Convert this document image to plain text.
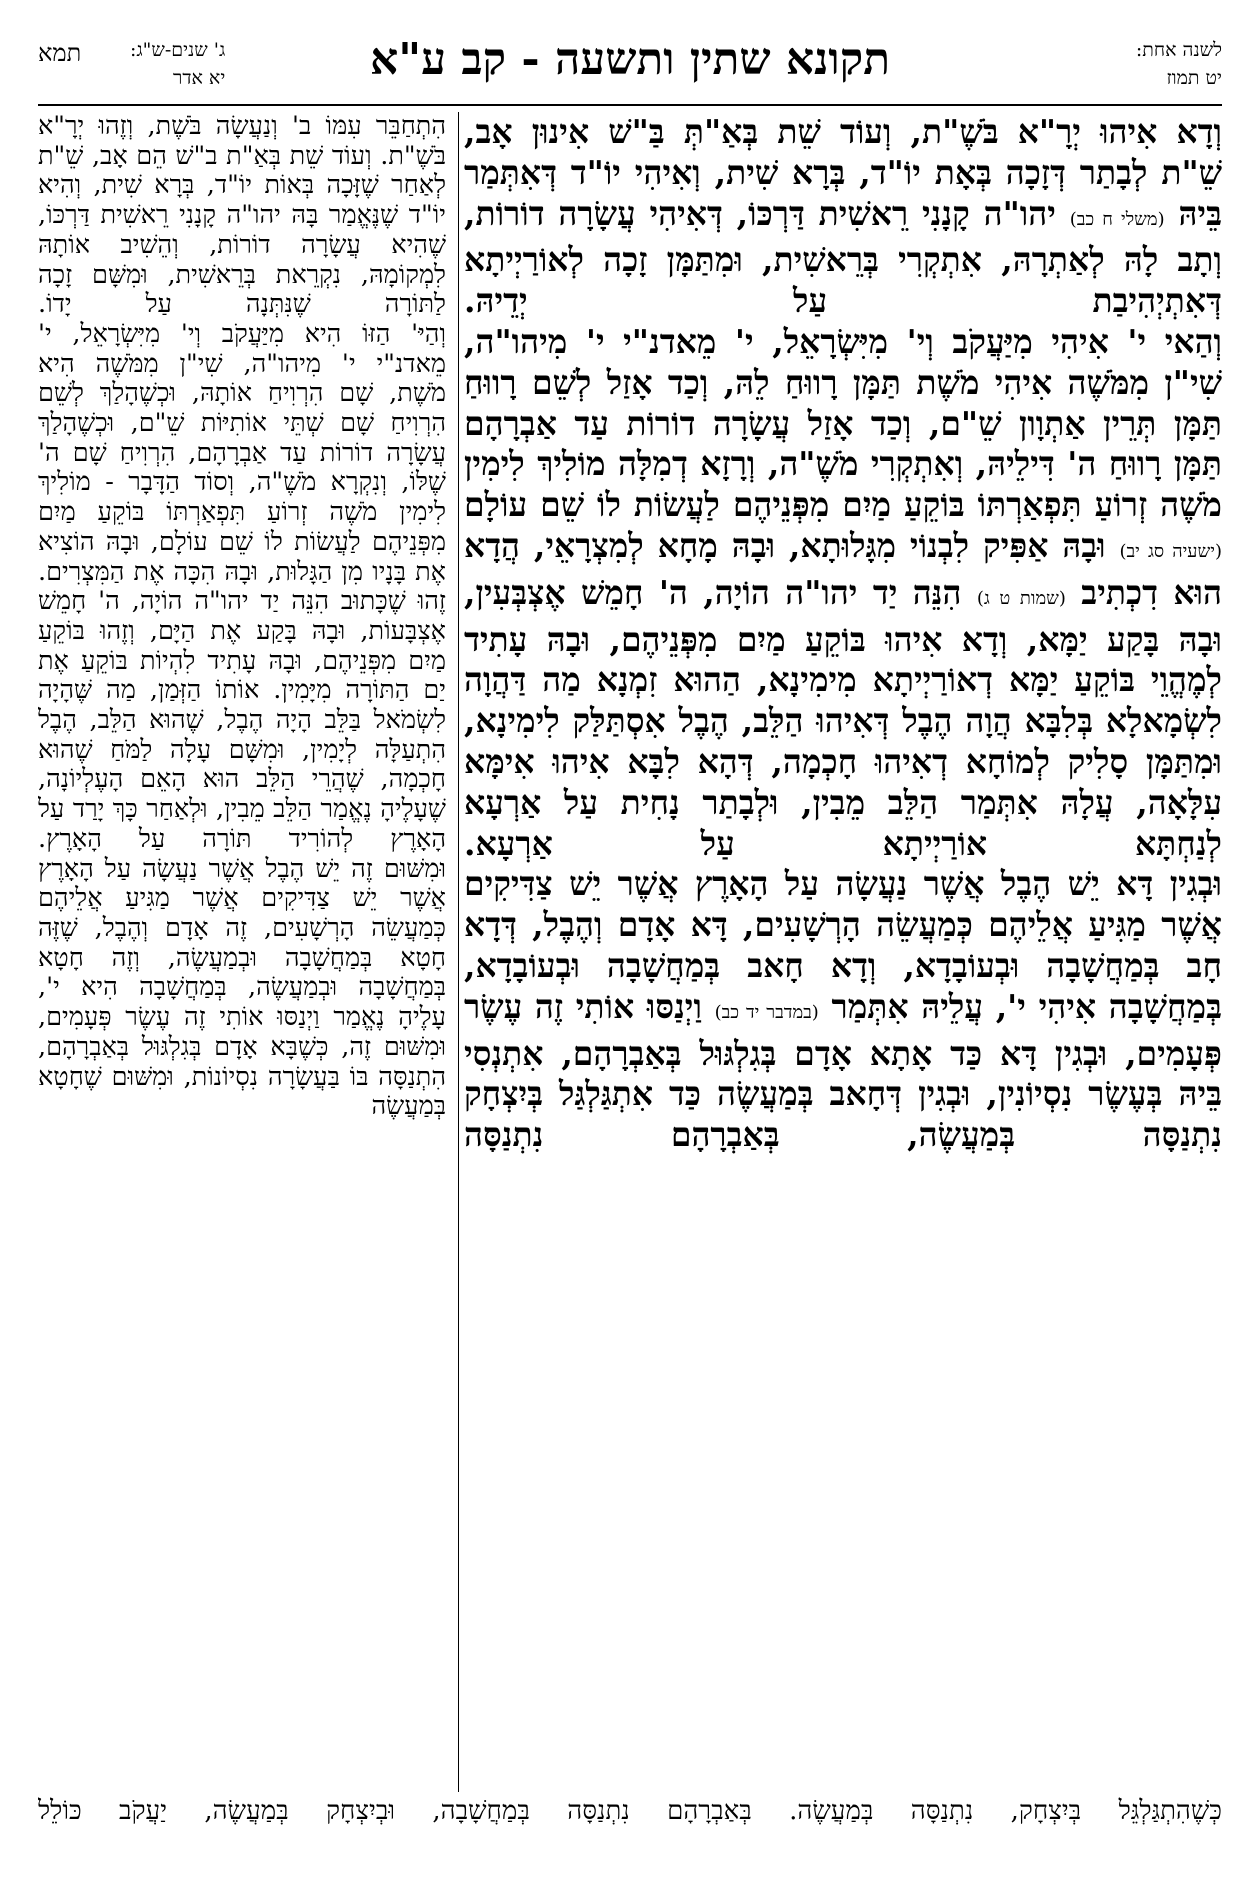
לשנה אחת:
יט תמוז
תקונא שתין ותשעה - קב ע"א
ג' שנים-ש"ג:
יא אדר
תמא

וְדָא אִיהוּ יְרָ"א בֹּשֶׁ"ת, וְעוֹד שֵׁת בְּאַ"תְּ בַּ"שׁ אִינוּן אָב, שֵׁ"ת לְבָתַר דְּזָכָה בְּאָת יוֹ"ד, בְּרָא שִׁית, וְאִיהִי יוֹ"ד דְּאִתְּמַר בֵּיהּ (משלי ח כב) יהו"ה קָנָנִי רֵאשִׁית דַּרְכּוֹ, דְּאִיהִי עֲשָׂרָה דוֹרוֹת, וְתָב לָהּ לְאַתְרָהּ, אִתְקְרִי בְּרֵאשִׁית, וּמִתַּמָּן זָכָה לְאוֹרַיְיתָא דְּאִתְיְהִיבַת עַל יְדֵיהּ.

וְהַאי י' אִיהִי מִיַּעֲקֹב וְי' מִיִּשְׂרָאֵל, י' מֵאדנ"י י' מִיהו"ה, שִׁי"ן מִמֹּשֶׁה אִיהִי מֹשֶׁת תַּמָּן רָווּחַ לֵהּ, וְכַד אָזַל לְשֵׁם רָווּחַ תַּמָּן תְּרֵין אַתְוָון שֵׁ"ם, וְכַד אָזַל עֲשָׂרָה דוֹרוֹת עַד אַבְרָהָם תַּמָּן רָווּחַ ה' דִּילֵיהּ, וְאִתְקְרִי מֹשֶׁ"ה, וְרָזָא דְמִלָּה מוֹלִיךְ לִימִין מֹשֶׁה זְרוֹעַ תִּפְאַרְתּוֹ בּוֹקֵעַ מַיִם מִפְּנֵיהֶם לַעֲשׂוֹת לוֹ שֵׁם עוֹלָם (ישעיה סג יב) וּבָהּ אַפִּיק לִבְנוֹי מִגָּלוּתָא, וּבָהּ מָחָא לְמִצְרָאֵי, הֲדָא הוּא דִכְתִיב (שמות ט ג) הִנֵּה יַד יהו"ה הוֹיָה, ה' חָמֵשׁ אֶצְבְּעִין, וּבָהּ בָּקַע יַמָּא, וְדָא אִיהוּ בּוֹקֵעַ מַיִם מִפְּנֵיהֶם, וּבָהּ עָתִיד לְמֶהֱוֵי בּוֹקֵעַ יַמָּא דְאוֹרַיְיתָא מִימִינָא, הַהוּא זִמְנָא מַה דַּהֲוָה לִשְׂמָאלָא בְּלִבָּא הֲוָה הֶבֶל דְּאִיהוּ הַלֵּב, הֶבֶל אִסְתַּלַּק לִימִינָא, וּמִתַּמָּן סָלִיק לְמוֹחָא דְאִיהוּ חָכְמָה, דְּהָא לִבָּא אִיהוּ אִימָּא עִלָּאָה, עֲלָהּ אִתְּמַר הַלֵּב מֵבִין, וּלְבָתַר נָחִית עַל אַרְעָא לְנַחְתָּא אוֹרַיְיתָא עַל אַרְעָא.

וּבְגִין דָּא יֵשׁ הֶבֶל אֲשֶׁר נַעֲשָׂה עַל הָאָרֶץ אֲשֶׁר יֵשׁ צַדִּיקִים אֲשֶׁר מַגִּיעַ אֲלֵיהֶם כְּמַעֲשֵׂה הָרְשָׁעִים, דָּא אָדָם וְהֶבֶל, דְּדָא חָב בְּמַחֲשָׁבָה וּבְעוֹבָדָא, וְדָא חָאב בְּמַחֲשָׁבָה וּבְעוֹבָדָא, בְּמַחֲשָׁבָה אִיהִי י', עֲלֵיהּ אִתְּמַר (במדבר יד כב) וַיְנַסּוּ אוֹתִי זֶה עֶשֶׂר פְּעָמִים, וּבְגִין דָּא כַּד אָתָא אָדָם בְּגִלְגּוּל בְּאַבְרָהָם, אִתְנְסִי בֵּיהּ בְּעֶשֶׂר נִסְיוֹנִין, וּבְגִין דְּחָאב בְּמַעֲשֶׂה כַּד אִתְגַּלְגַּל בְּיִצְחָק נִתְנַסָּה בְּמַעֲשֶׂה, בְּאַבְרָהָם נִתְנַסָּה

הִתְחַבֵּר עִמּוֹ ב' וְנַעֲשָׂה בֹּשֶׁת, וְזֶהוּ יְרָ"א בֹּשֶׁ"ת. וְעוֹד שֵׁת בְּאַ"ת ב"שׁ הֵם אָב, שֵׁ"ת לְאַחַר שֶׁזָּכָה בְּאוֹת יוֹ"ד, בְּרָא שִׁית, וְהִיא יוֹ"ד שֶׁנֶּאֱמַר בָּהּ יהו"ה קָנָנִי רֵאשִׁית דַּרְכּוֹ, שֶׁהִיא עֲשָׂרָה דוֹרוֹת, וְהֵשִׁיב אוֹתָהּ לִמְקוֹמָהּ, נִקְרֵאת בְּרֵאשִׁית, וּמִשָּׁם זָכָה לַתּוֹרָה שֶׁנִּתְּנָה עַל יָדוֹ.

וְהַיּ' הַזּוֹ הִיא מִיַּעֲקֹב וְי' מִיִּשְׂרָאֵל, י' מֵאדנ"י י' מִיהו"ה, שִׁי"ן מִמֹּשֶׁה הִיא מֹשֶׁת, שָׁם הִרְוִיחַ אוֹתָהּ, וּכְשֶׁהָלַךְ לְשֵׁם הִרְוִיחַ שָׁם שְׁתֵּי אוֹתִיּוֹת שֵׁ"ם, וּכְשֶׁהָלַךְ עֲשָׂרָה דוֹרוֹת עַד אַבְרָהָם, הִרְוִיחַ שָׁם ה' שֶׁלּוֹ, וְנִקְרָא מֹשֶׁ"ה, וְסוֹד הַדָּבָר - מוֹלִיךְ לִימִין מֹשֶׁה זְרוֹעַ תִּפְאַרְתּוֹ בּוֹקֵעַ מַיִם מִפְּנֵיהֶם לַעֲשׂוֹת לוֹ שֵׁם עוֹלָם, וּבָהּ הוֹצִיא אֶת בָּנָיו מִן הַגָּלוּת, וּבָהּ הִכָּה אֶת הַמִּצְרִים. זֶהוּ שֶׁכָּתוּב הִנֵּה יַד יהו"ה הוֹיָה, ה' חָמֵשׁ אֶצְבָּעוֹת, וּבָהּ בָּקַע אֶת הַיָּם, וְזֶהוּ בּוֹקֵעַ מַיִם מִפְּנֵיהֶם, וּבָהּ עָתִיד לִהְיוֹת בּוֹקֵעַ אֶת יַם הַתּוֹרָה מִיָּמִין. אוֹתוֹ הַזְּמַן, מַה שֶּׁהָיָה לִשְׂמֹאל בַּלֵּב הָיָה הֶבֶל, שֶׁהוּא הַלֵּב, הֶבֶל הִתְעַלָּה לְיָמִין, וּמִשָּׁם עָלָה לַמֹּחַ שֶׁהוּא חָכְמָה, שֶׁהֲרֵי הַלֵּב הוּא הָאֵם הָעֶלְיוֹנָה, שֶׁעָלֶיהָ נֶאֱמַר הַלֵּב מֵבִין, וּלְאַחַר כָּךְ יָרַד עַל הָאָרֶץ לְהוֹרִיד תּוֹרָה עַל הָאָרֶץ.

וּמִשּׁוּם זֶה יֵשׁ הֶבֶל אֲשֶׁר נַעֲשָׂה עַל הָאָרֶץ אֲשֶׁר יֵשׁ צַדִּיקִים אֲשֶׁר מַגִּיעַ אֲלֵיהֶם כְּמַעֲשֵׂה הָרְשָׁעִים, זֶה אָדָם וְהֶבֶל, שֶׁזֶּה חָטָא בְּמַחֲשָׁבָה וּבְמַעֲשֶׂה, וְזֶה חָטָא בְּמַחֲשָׁבָה וּבְמַעֲשֶׂה, בְּמַחֲשָׁבָה הִיא י', עָלֶיהָ נֶאֱמַר וַיְנַסּוּ אוֹתִי זֶה עֶשֶׂר פְּעָמִים, וּמִשּׁוּם זֶה, כְּשֶׁבָּא אָדָם בְּגִלְגּוּל בְּאַבְרָהָם, הִתְנַסָּה בּוֹ בַּעֲשָׂרָה נִסְיוֹנוֹת, וּמִשּׁוּם שֶׁחָטָא בְּמַעֲשֶׂה

כְּשֶׁהִתְגַּלְגֵּל בְּיִצְחָק, נִתְנַסָּה בְּמַעֲשֶׂה. בְּאַבְרָהָם נִתְנַסָּה בְּמַחֲשָׁבָה, וּבְיִצְחָק בְּמַעֲשֶׂה, יַעֲקֹב כּוֹלֵל
